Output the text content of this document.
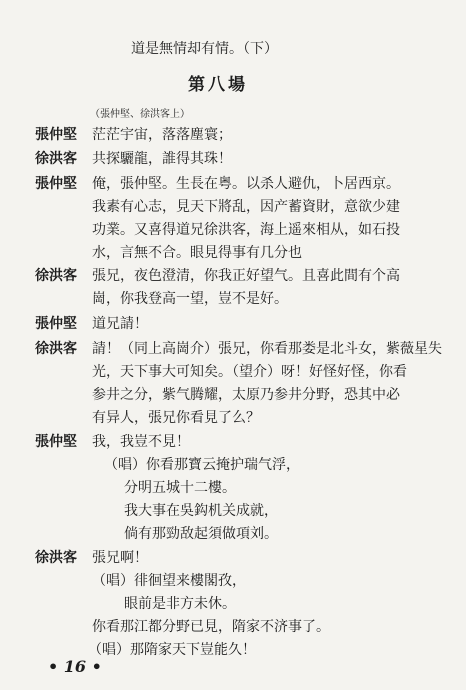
道是無情却有情。（下）
第八場
（張仲堅、徐洪客上）
張仲堅 茫茫宇宙，落落塵寰；
徐洪客 共探驪龍，誰得其珠！
張仲堅 俺，張仲堅。生長在粤。以杀人避仇，卜居西京。
我素有心志，見天下將乱，因产蓄資財，意欲少建
功業。又喜得道兄徐洪客，海上遥來相从，如石投
水，言無不合。眼見得事有几分也
徐洪客 張兄，夜色澄清，你我正好望气。且喜此間有个高
崗，你我登高一望，豈不是好。
張仲堅 道兄請！
徐洪客 請！（同上高崗介）張兄，你看那娄是北斗女，紫薇星失
光，天下事大可知矣。（望介）呀！好怪好怪，你看
参井之分，紫气腾耀，太原乃参井分野，恐其中必
有异人，張兄你看見了么？
張仲堅 我，我豈不見！
（唱）你看那寶云掩护瑞气浮，
分明五城十二樓。
我大事在吳鈎机关成就，
倘有那勁敌起須做項刘。
徐洪客 張兄啊！
（唱）徘徊望来樓閣孜，
眼前是非方未休。
你看那江都分野已見，隋家不济事了。
（唱）那隋家天下豈能久！
• 16 •
